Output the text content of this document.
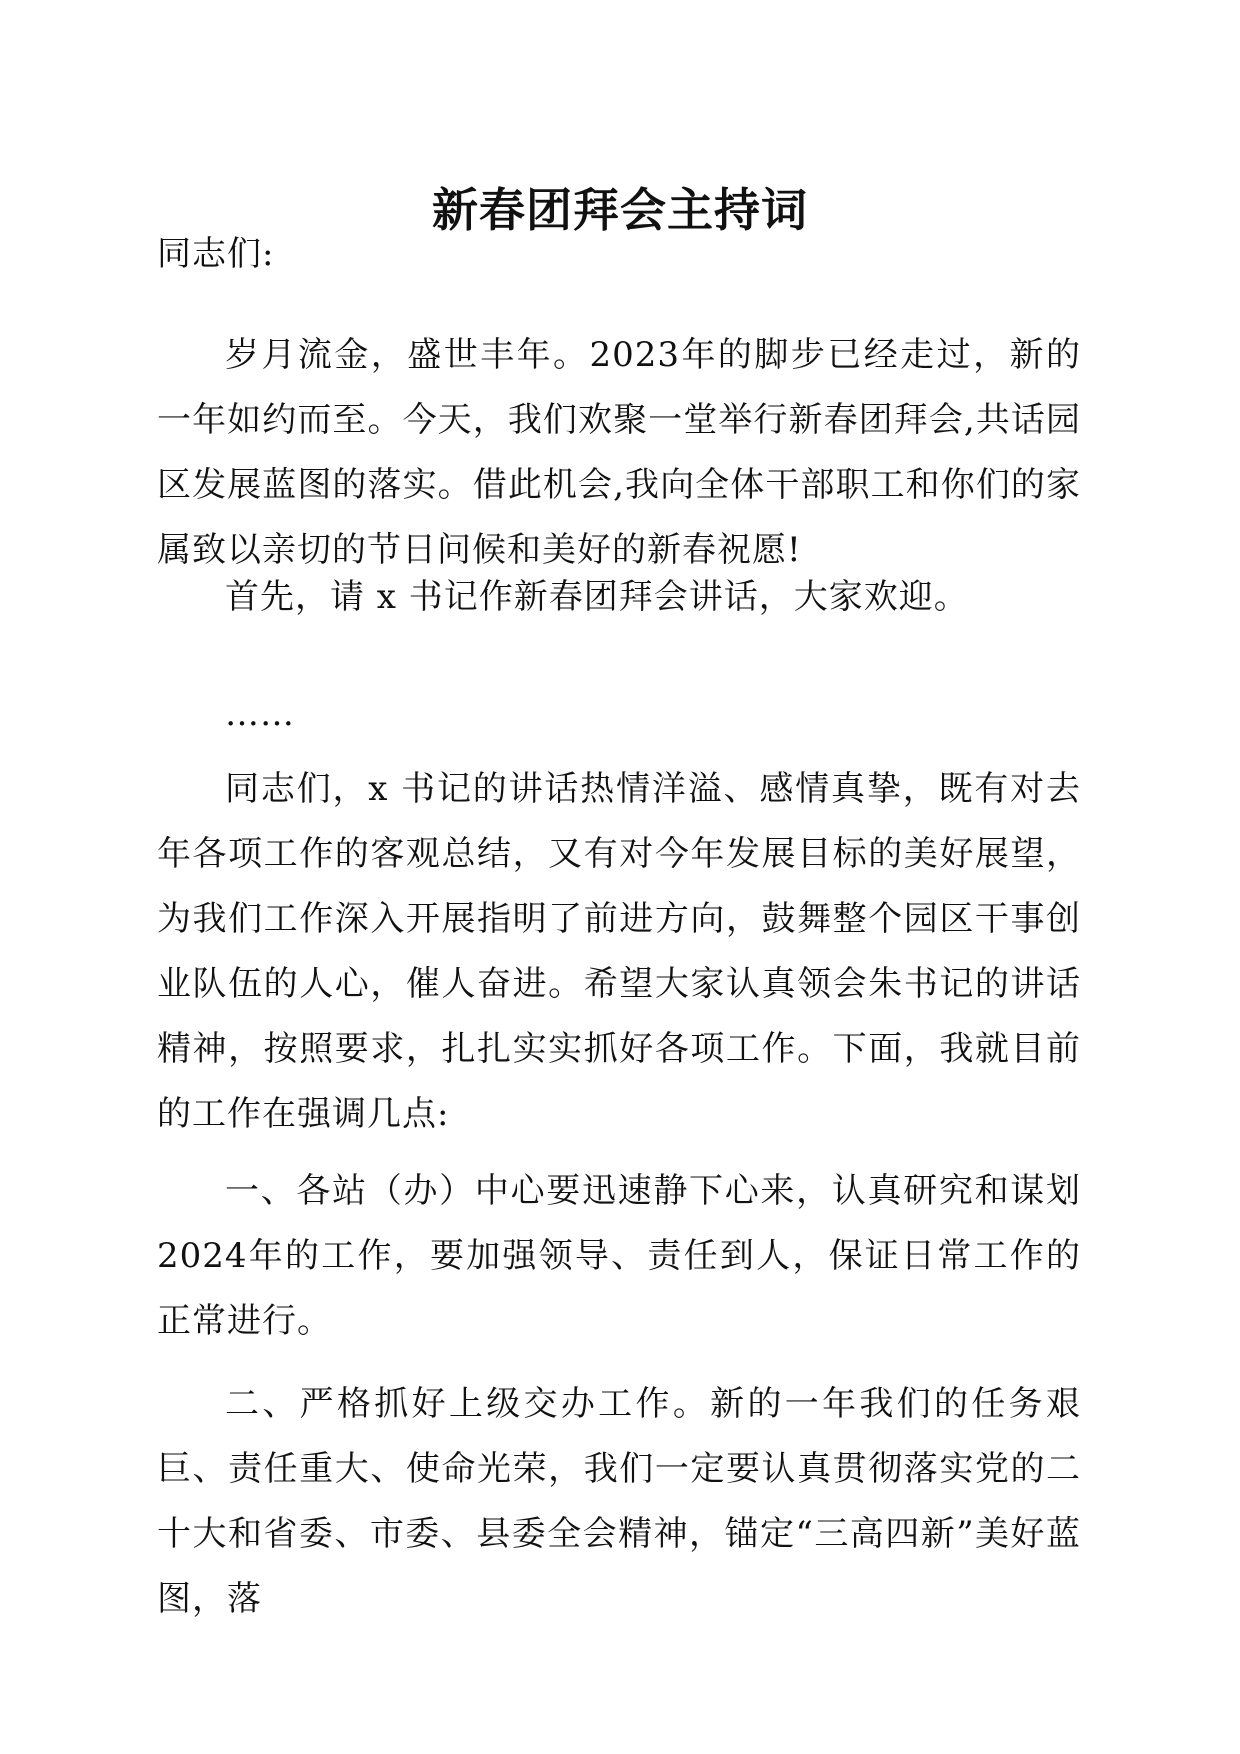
新春团拜会主持词

同志们:

岁月流金，盛世丰年。2023年的脚步已经走过，新的一年如约而至。今天，我们欢聚一堂举行新春团拜会,共话园区发展蓝图的落实。借此机会,我向全体干部职工和你们的家属致以亲切的节日问候和美好的新春祝愿!

首先，请 x 书记作新春团拜会讲话，大家欢迎。

……

同志们，x 书记的讲话热情洋溢、感情真挚，既有对去年各项工作的客观总结，又有对今年发展目标的美好展望，为我们工作深入开展指明了前进方向，鼓舞整个园区干事创业队伍的人心，催人奋进。希望大家认真领会朱书记的讲话精神，按照要求，扎扎实实抓好各项工作。下面，我就目前的工作在强调几点:

一、各站（办）中心要迅速静下心来，认真研究和谋划2024年的工作，要加强领导、责任到人，保证日常工作的正常进行。

二、严格抓好上级交办工作。新的一年我们的任务艰巨、责任重大、使命光荣，我们一定要认真贯彻落实党的二十大和省委、市委、县委全会精神，锚定“三高四新”美好蓝图，落
